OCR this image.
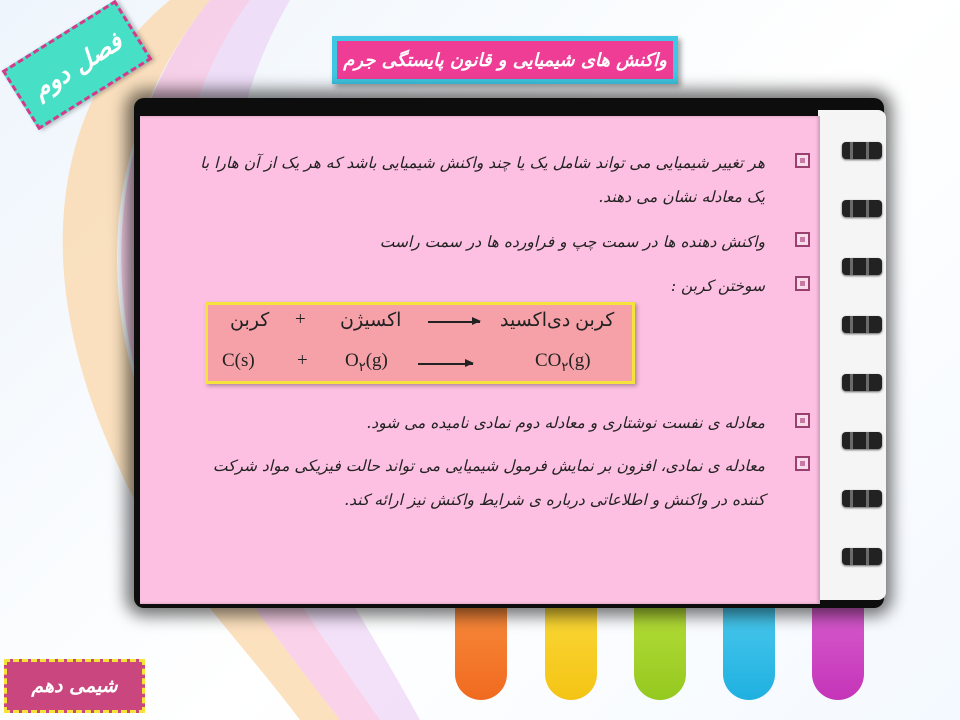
فصل دوم	واکنش های شیمیایی و قانون پایستگی جرم
هر تغییر شیمیایی می تواند شامل یک یا چند واکنش شیمیایی باشد که هر یک از آن هارا با
یک معادله نشان می دهند.
واکنش دهنده ها در سمت چپ و فراورده ها در سمت راست
سوختن کربن :
کربن دی‌اکسید
اکسیژن
+
کربن
$C(s) + O_۲(g)$	$CO_۲(g)$
معادله ی نفست نوشتاری و معادله دوم نمادی نامیده می شود.
معادله ی نمادی، افزون بر نمایش فرمول شیمیایی می تواند حالت فیزیکی مواد شرکت
کننده در واکنش و اطلاعاتی درباره ی شرایط واکنش نیز ارائه کند.
شیمی دهم
